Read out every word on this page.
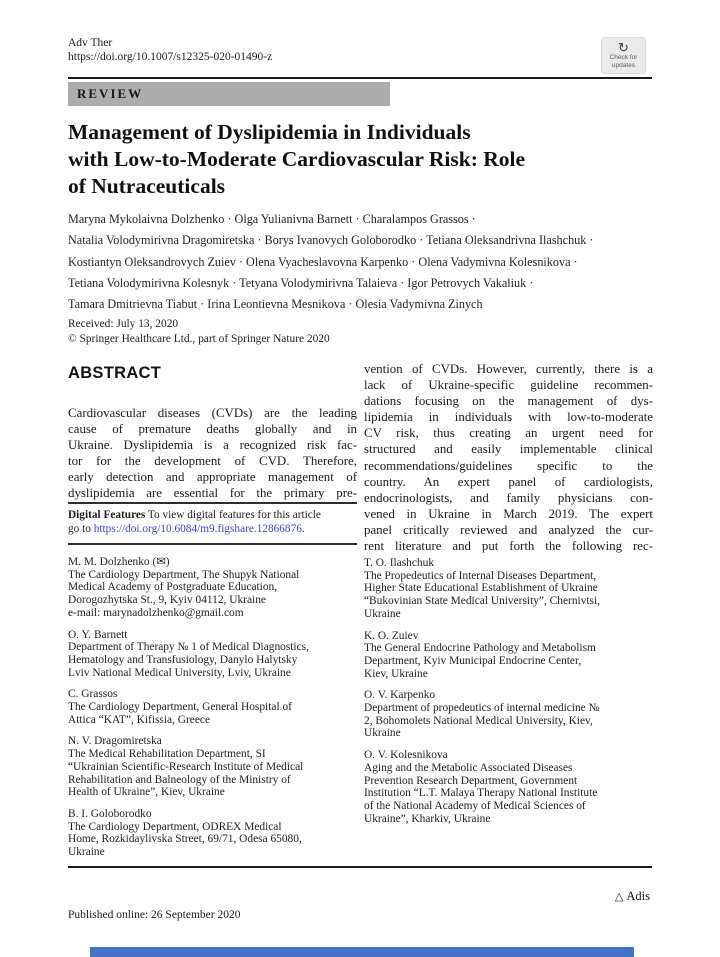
Adv Ther
https://doi.org/10.1007/s12325-020-01490-z
↻
Check for
updates
REVIEW
Management of Dyslipidemia in Individuals
with Low-to-Moderate Cardiovascular Risk: Role
of Nutraceuticals
Maryna Mykolaivna Dolzhenko · Olga Yulianivna Barnett · Charalampos Grassos ·
Natalia Volodymirivna Dragomiretska · Borys Ivanovych Goloborodko · Tetiana Oleksandrivna Ilashchuk ·
Kostiantyn Oleksandrovych Zuiev · Olena Vyacheslavovna Karpenko · Olena Vadymivna Kolesnikova ·
Tetiana Volodymirivna Kolesnyk · Tetyana Volodymirivna Talaieva · Igor Petrovych Vakaliuk ·
Tamara Dmitrievna Tiabut · Irina Leontievna Mesnikova · Olesia Vadymivna Zinych
Received: July 13, 2020
© Springer Healthcare Ltd., part of Springer Nature 2020
ABSTRACT
Cardiovascular diseases (CVDs) are the leading
cause of premature deaths globally and in
Ukraine. Dyslipidemia is a recognized risk fac-
tor for the development of CVD. Therefore,
early detection and appropriate management of
dyslipidemia are essential for the primary pre-
vention of CVDs. However, currently, there is a
lack of Ukraine-specific guideline recommen-
dations focusing on the management of dys-
lipidemia in individuals with low-to-moderate
CV risk, thus creating an urgent need for
structured and easily implementable clinical
recommendations/guidelines specific to the
country. An expert panel of cardiologists,
endocrinologists, and family physicians con-
vened in Ukraine in March 2019. The expert
panel critically reviewed and analyzed the cur-
rent literature and put forth the following rec-
Digital Features To view digital features for this article
go to https://doi.org/10.6084/m9.figshare.12866876.
M. M. Dolzhenko (✉)
The Cardiology Department, The Shupyk National
Medical Academy of Postgraduate Education,
Dorogozhytska St., 9, Kyiv 04112, Ukraine
e-mail: marynadolzhenko@gmail.com
O. Y. Barnett
Department of Therapy № 1 of Medical Diagnostics,
Hematology and Transfusiology, Danylo Halytsky
Lviv National Medical University, Lviv, Ukraine
C. Grassos
The Cardiology Department, General Hospital of
Attica “KAT”, Kifissia, Greece
N. V. Dragomiretska
The Medical Rehabilitation Department, SI
“Ukrainian Scientific-Research Institute of Medical
Rehabilitation and Balneology of the Ministry of
Health of Ukraine”, Kiev, Ukraine
B. I. Goloborodko
The Cardiology Department, ODREX Medical
Home, Rozkidaylivska Street, 69/71, Odesa 65080,
Ukraine
T. O. Ilashchuk
The Propedeutics of Internal Diseases Department,
Higher State Educational Establishment of Ukraine
“Bukovinian State Medical University”, Chernivtsi,
Ukraine
K. O. Zuiev
The General Endocrine Pathology and Metabolism
Department, Kyiv Municipal Endocrine Center,
Kiev, Ukraine
O. V. Karpenko
Department of propedeutics of internal medicine №
2, Bohomolets National Medical University, Kiev,
Ukraine
O. V. Kolesnikova
Aging and the Metabolic Associated Diseases
Prevention Research Department, Government
Institution “L.T. Malaya Therapy National Institute
of the National Academy of Medical Sciences of
Ukraine”, Kharkiv, Ukraine
△ Adis
Published online: 26 September 2020
